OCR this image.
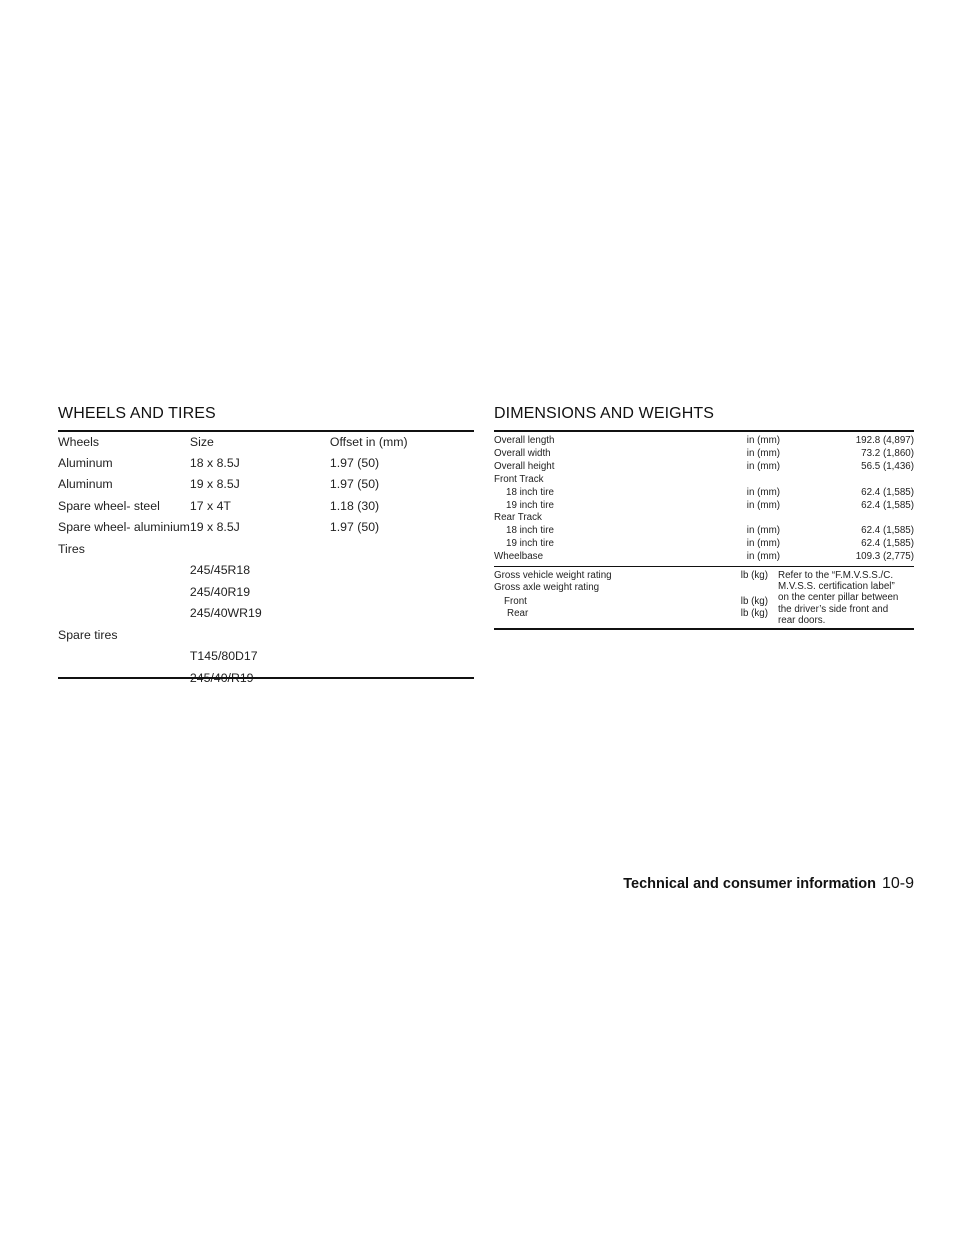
WHEELS AND TIRES
Wheels	Size	Offset in (mm)
Aluminum	18 x 8.5J	1.97 (50)
Aluminum	19 x 8.5J	1.97 (50)
Spare wheel- steel	17 x 4T	1.18 (30)
Spare wheel- aluminium	19 x 8.5J	1.97 (50)
Tires		
	245/45R18	
	245/40R19	
	245/40WR19	
Spare tires		
	T145/80D17	
	245/40/R19	
DIMENSIONS AND WEIGHTS
Overall length	in (mm)	192.8 (4,897)
Overall width	in (mm)	73.2 (1,860)
Overall height	in (mm)	56.5 (1,436)
Front Track		
18 inch tire	in (mm)	62.4 (1,585)
19 inch tire	in (mm)	62.4 (1,585)
Rear Track		
18 inch tire	in (mm)	62.4 (1,585)
19 inch tire	in (mm)	62.4 (1,585)
Wheelbase	in (mm)	109.3 (2,775)
Gross vehicle weight rating	lb (kg)
Gross axle weight rating
Front	lb (kg)
Rear	lb (kg)
Refer to the “F.M.V.S.S./C. M.V.S.S. certification label” on the center pillar between the driver’s side front and rear doors.
Technical and consumer information 10-9
